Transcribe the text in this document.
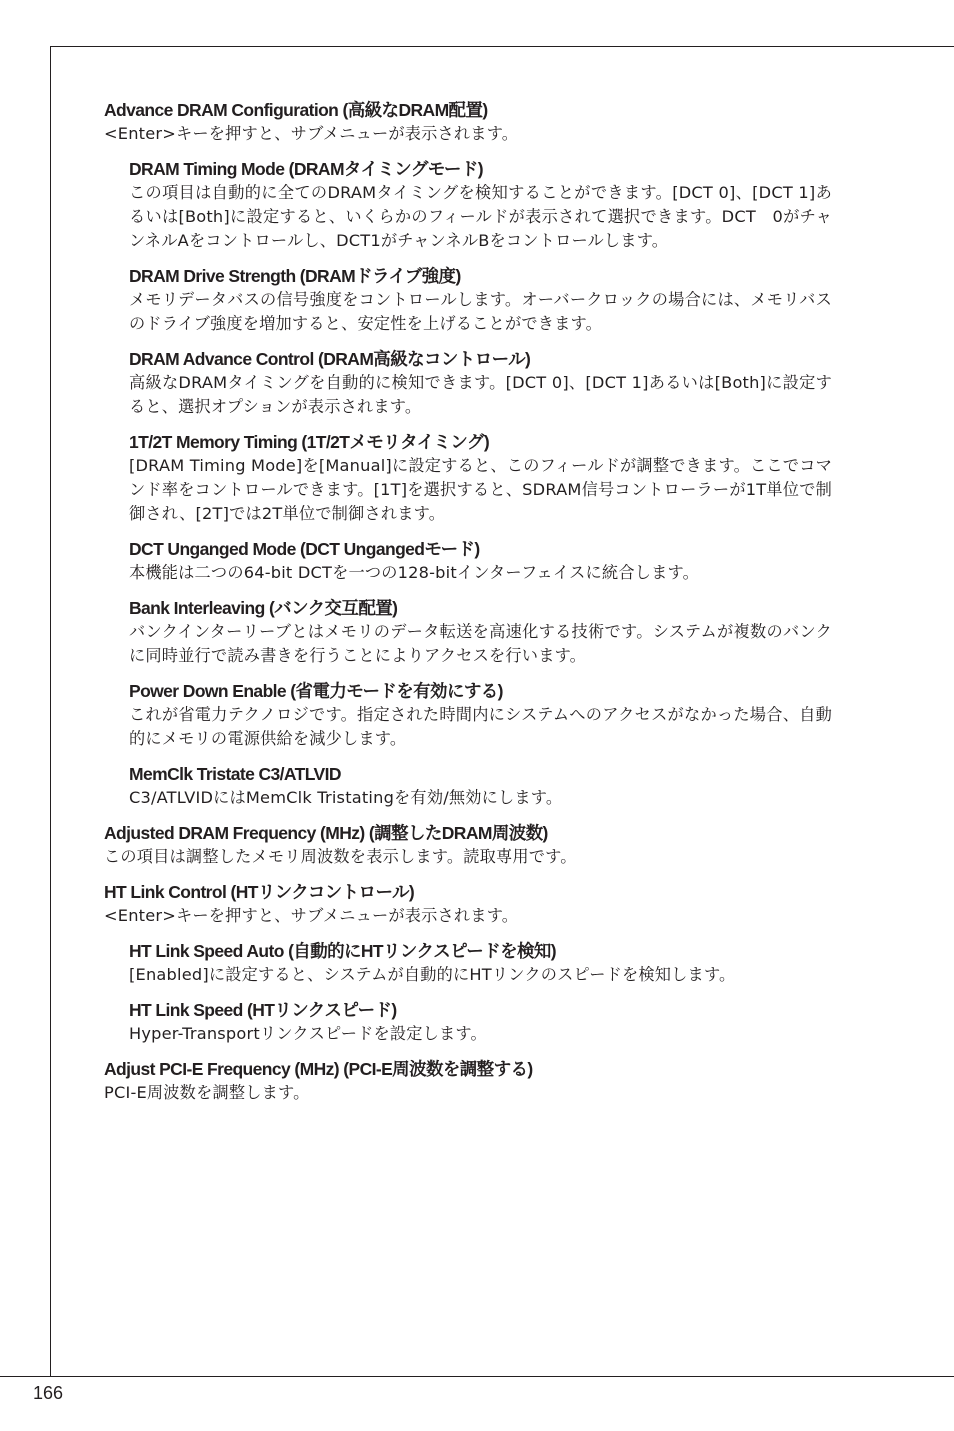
Advance DRAM Configuration (高級なDRAM配置)
<Enter>キーを押すと、サブメニューが表示されます。
DRAM Timing Mode (DRAMタイミングモード)
この項目は自動的に全てのDRAMタイミングを検知することができます。[DCT 0]、[DCT 1]あるいは[Both]に設定すると、いくらかのフィールドが表示されて選択できます。DCT　0がチャンネルAをコントロールし、DCT1がチャンネルBをコントロールします。
DRAM Drive Strength (DRAMドライブ強度)
メモリデータバスの信号強度をコントロールします。オーバークロックの場合には、メモリバスのドライブ強度を増加すると、安定性を上げることができます。
DRAM Advance Control (DRAM高級なコントロール)
高級なDRAMタイミングを自動的に検知できます。[DCT 0]、[DCT 1]あるいは[Both]に設定すると、選択オプションが表示されます。
1T/2T Memory Timing (1T/2Tメモリタイミング)
[DRAM Timing Mode]を[Manual]に設定すると、このフィールドが調整できます。ここでコマンド率をコントロールできます。[1T]を選択すると、SDRAM信号コントローラーが1T単位で制御され、[2T]では2T単位で制御されます。
DCT Unganged Mode (DCT Ungangedモード)
本機能は二つの64-bit DCTを一つの128-bitインターフェイスに統合します。
Bank Interleaving (バンク交互配置)
バンクインターリーブとはメモリのデータ転送を高速化する技術です。システムが複数のバンクに同時並行で読み書きを行うことによりアクセスを行います。
Power Down Enable (省電力モードを有効にする)
これが省電力テクノロジです。指定された時間内にシステムへのアクセスがなかった場合、自動的にメモリの電源供給を減少します。
MemClk Tristate C3/ATLVID
C3/ATLVIDにはMemClk Tristatingを有効/無効にします。
Adjusted DRAM Frequency (MHz) (調整したDRAM周波数)
この項目は調整したメモリ周波数を表示します。読取専用です。
HT Link Control (HTリンクコントロール)
<Enter>キーを押すと、サブメニューが表示されます。
HT Link Speed Auto (自動的にHTリンクスピードを検知)
[Enabled]に設定すると、システムが自動的にHTリンクのスピードを検知します。
HT Link Speed (HTリンクスピード)
Hyper-Transportリンクスピードを設定します。
Adjust PCI-E Frequency (MHz) (PCI-E周波数を調整する)
PCI-E周波数を調整します。
166
